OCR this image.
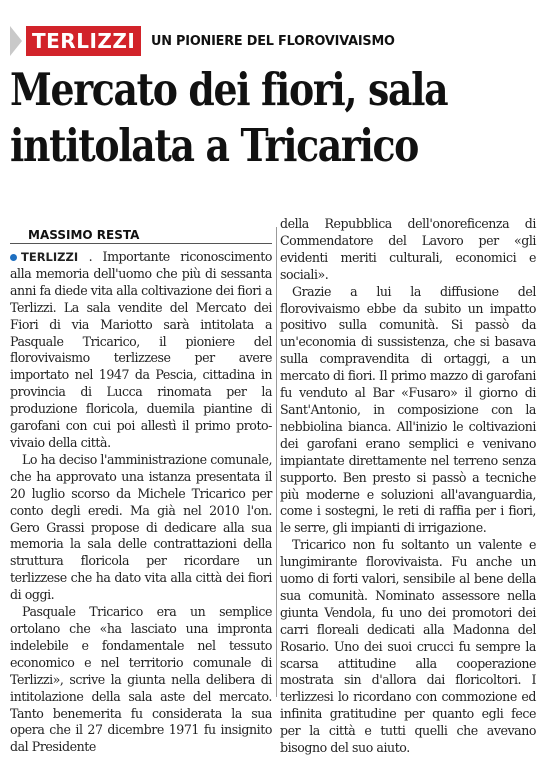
TERLIZZI	UN PIONIERE DEL FLOROVIVAISMO
Mercato dei fiori, sala
intitolata a Tricarico
MASSIMO RESTA

TERLIZZI . Importante riconoscimento alla memoria dell'uomo che più di sessanta anni fa diede vita alla coltivazione dei fiori a Terlizzi. La sala vendite del Mercato dei Fiori di via Mariotto sarà intitolata a Pasquale Tricarico, il pioniere del florovivaismo terlizzese per avere importato nel 1947 da Pescia, cittadina in provincia di Lucca rinomata per la produzione floricola, duemila piantine di garofani con cui poi allestì il primo proto-vivaio della città.

Lo ha deciso l'amministrazione comunale, che ha approvato una istanza presentata il 20 luglio scorso da Michele Tricarico per conto degli eredi. Ma già nel 2010 l'on. Gero Grassi propose di dedicare alla sua memoria la sala delle contrattazioni della struttura floricola per ricordare un terlizzese che ha dato vita alla città dei fiori di oggi.

Pasquale Tricarico era un semplice ortolano che «ha lasciato una impronta indelebile e fondamentale nel tessuto economico e nel territorio comunale di Terlizzi», scrive la giunta nella delibera di intitolazione della sala aste del mercato. Tanto benemerita fu considerata la sua opera che il 27 dicembre 1971 fu insignito dal Presidente

della Repubblica dell'onoreficenza di Commendatore del Lavoro per «gli evidenti meriti culturali, economici e sociali».

Grazie a lui la diffusione del florovivaismo ebbe da subito un impatto positivo sulla comunità. Si passò da un'economia di sussistenza, che si basava sulla compravendita di ortaggi, a un mercato di fiori. Il primo mazzo di garofani fu venduto al Bar «Fusaro» il giorno di Sant'Antonio, in composizione con la nebbiolina bianca. All'inizio le coltivazioni dei garofani erano semplici e venivano impiantate direttamente nel terreno senza supporto. Ben presto si passò a tecniche più moderne e soluzioni all'avanguardia, come i sostegni, le reti di raffia per i fiori, le serre, gli impianti di irrigazione.

Tricarico non fu soltanto un valente e lungimirante florovivaista. Fu anche un uomo di forti valori, sensibile al bene della sua comunità. Nominato assessore nella giunta Vendola, fu uno dei promotori dei carri floreali dedicati alla Madonna del Rosario. Uno dei suoi crucci fu sempre la scarsa attitudine alla cooperazione mostrata sin d'allora dai floricoltori. I terlizzesi lo ricordano con commozione ed infinita gratitudine per quanto egli fece per la città e tutti quelli che avevano bisogno del suo aiuto.
